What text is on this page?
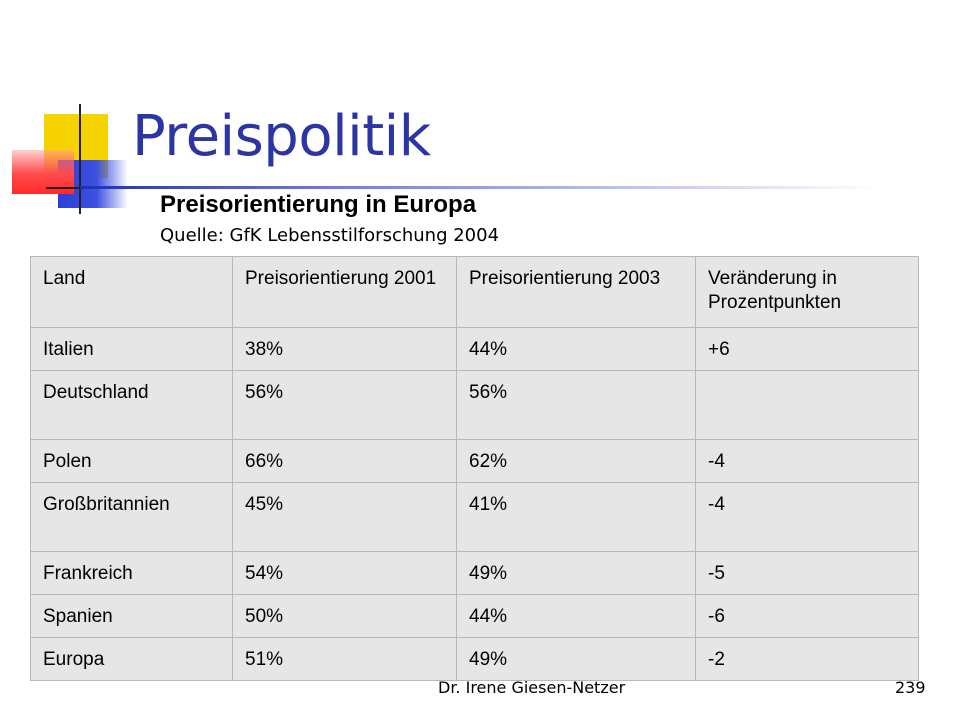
Preispolitik
Preisorientierung in Europa

Quelle: GfK Lebensstilforschung 2004

Land	Preisorientierung 2001	Preisorientierung 2003	Veränderung in Prozentpunkten
Italien	38%	44%	+6
Deutschland	56%	56%	
Polen	66%	62%	-4
Großbritannien	45%	41%	-4
Frankreich	54%	49%	-5
Spanien	50%	44%	-6
Europa	51%	49%	-2
Dr. Irene Giesen-Netzer	239
